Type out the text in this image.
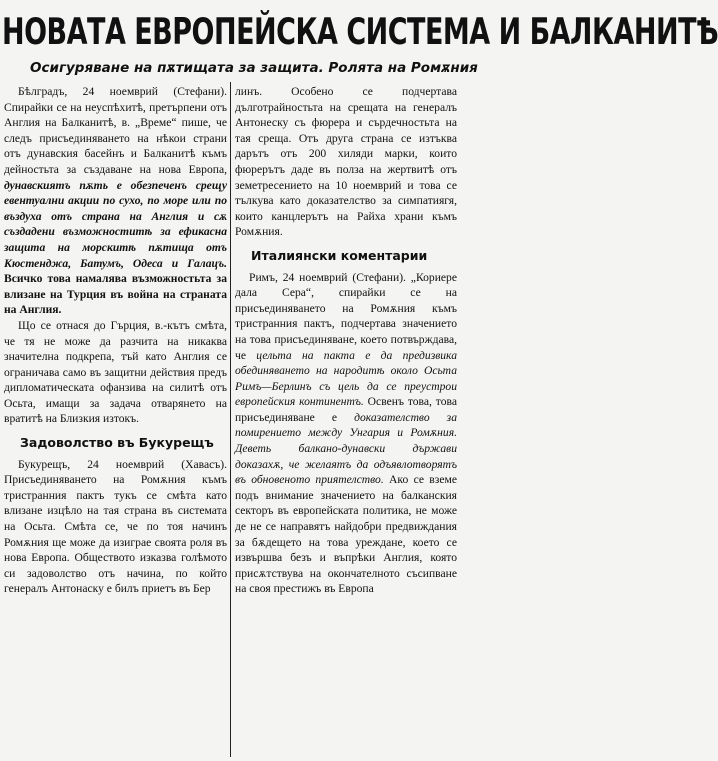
НОВАТА ЕВРОПЕЙСКА СИСТЕМА И БАЛКАНИТѢ
Осигуряване на пѫтищата за защита. Ролята на Ромѫния

Бѣлградъ, 24 ноемврий (Стефани). Спирайки се на неуспѣхитѣ, претърпени отъ Англия на Балканитѣ, в. „Време“ пише, че следъ присъединяването на нѣкои страни отъ дунавския басейнъ и Балканитѣ къмъ дейностьта за създаване на нова Европа, дунавскиятъ пѫть е обезпеченъ срещу евентуални акции по сухо, по море или по въздуха отъ страна на Англия и сѫ създадени възможноститѣ за ефикасна защита на морскитѣ пѫтища отъ Кюстенджа, Батумъ, Одеса и Галацъ. Всичко това намалява възможностьта за влизане на Турция въ война на страната на Англия.

Що се отнася до Гърция, в.-кътъ смѣта, че тя не може да разчита на никаква значителна подкрепа, тъй като Англия се ограничава само въ защитни действия предъ дипломатическата офанзива на силитѣ отъ Осьта, имащи за задача отварянето на вратитѣ на Близкия изтокъ.

Задоволство въ Букурещъ

Букурещъ, 24 ноемврий (Хавасъ). Присъединяването на Ромѫния къмъ тристранния пактъ тукъ се смѣта като влизане изцѣло на тая страна въ системата на Осьта. Смѣта се, че по тоя начинъ Ромѫния ще може да изиграе своята роля въ нова Европа. Обществото изказва голѣмото си задоволство отъ начина, по който генералъ Антонаску е билъ приетъ въ Бер

линъ. Особено се подчертава дълготрайностьта на срещата на генералъ Антонеску съ фюрера и сърдечностьта на тая среща. Отъ друга страна се изтъква дарътъ отъ 200 хиляди марки, които фюрерътъ даде въ полза на жертвитѣ отъ земетресението на 10 ноемврий и това се тълкува като доказателство за симпатиягя, които канцлерътъ на Райха храни къмъ Ромѫния.

Италиянски коментарии

Римъ, 24 ноемврий (Стефани). „Кориере дала Сера“, спирайки се на присъединяването на Ромѫния къмъ тристранния пактъ, подчертава значението на това присъединяване, което потвърждава, че цельта на пакта е да предизвика обединяването на народитѣ около Осьта Римъ—Берлинъ съ цель да се преустрои европейския континентъ. Освенъ това, това присъединяване е доказателство за помирението между Унгария и Ромѫния. Деветь балкано-дунавски държави доказахѫ, че желаятъ да одъявлотворятъ въ обновеното приятелство. Ако се вземе подъ внимание значението на балканския секторъ въ европейската политика, не може де не се направятъ найдобри предвиждания за бѫдещето на това уреждане, което се извършва безъ и въпрѣки Англия, която присѫтствува на окончателното съсипване на своя престижъ въ Европа
